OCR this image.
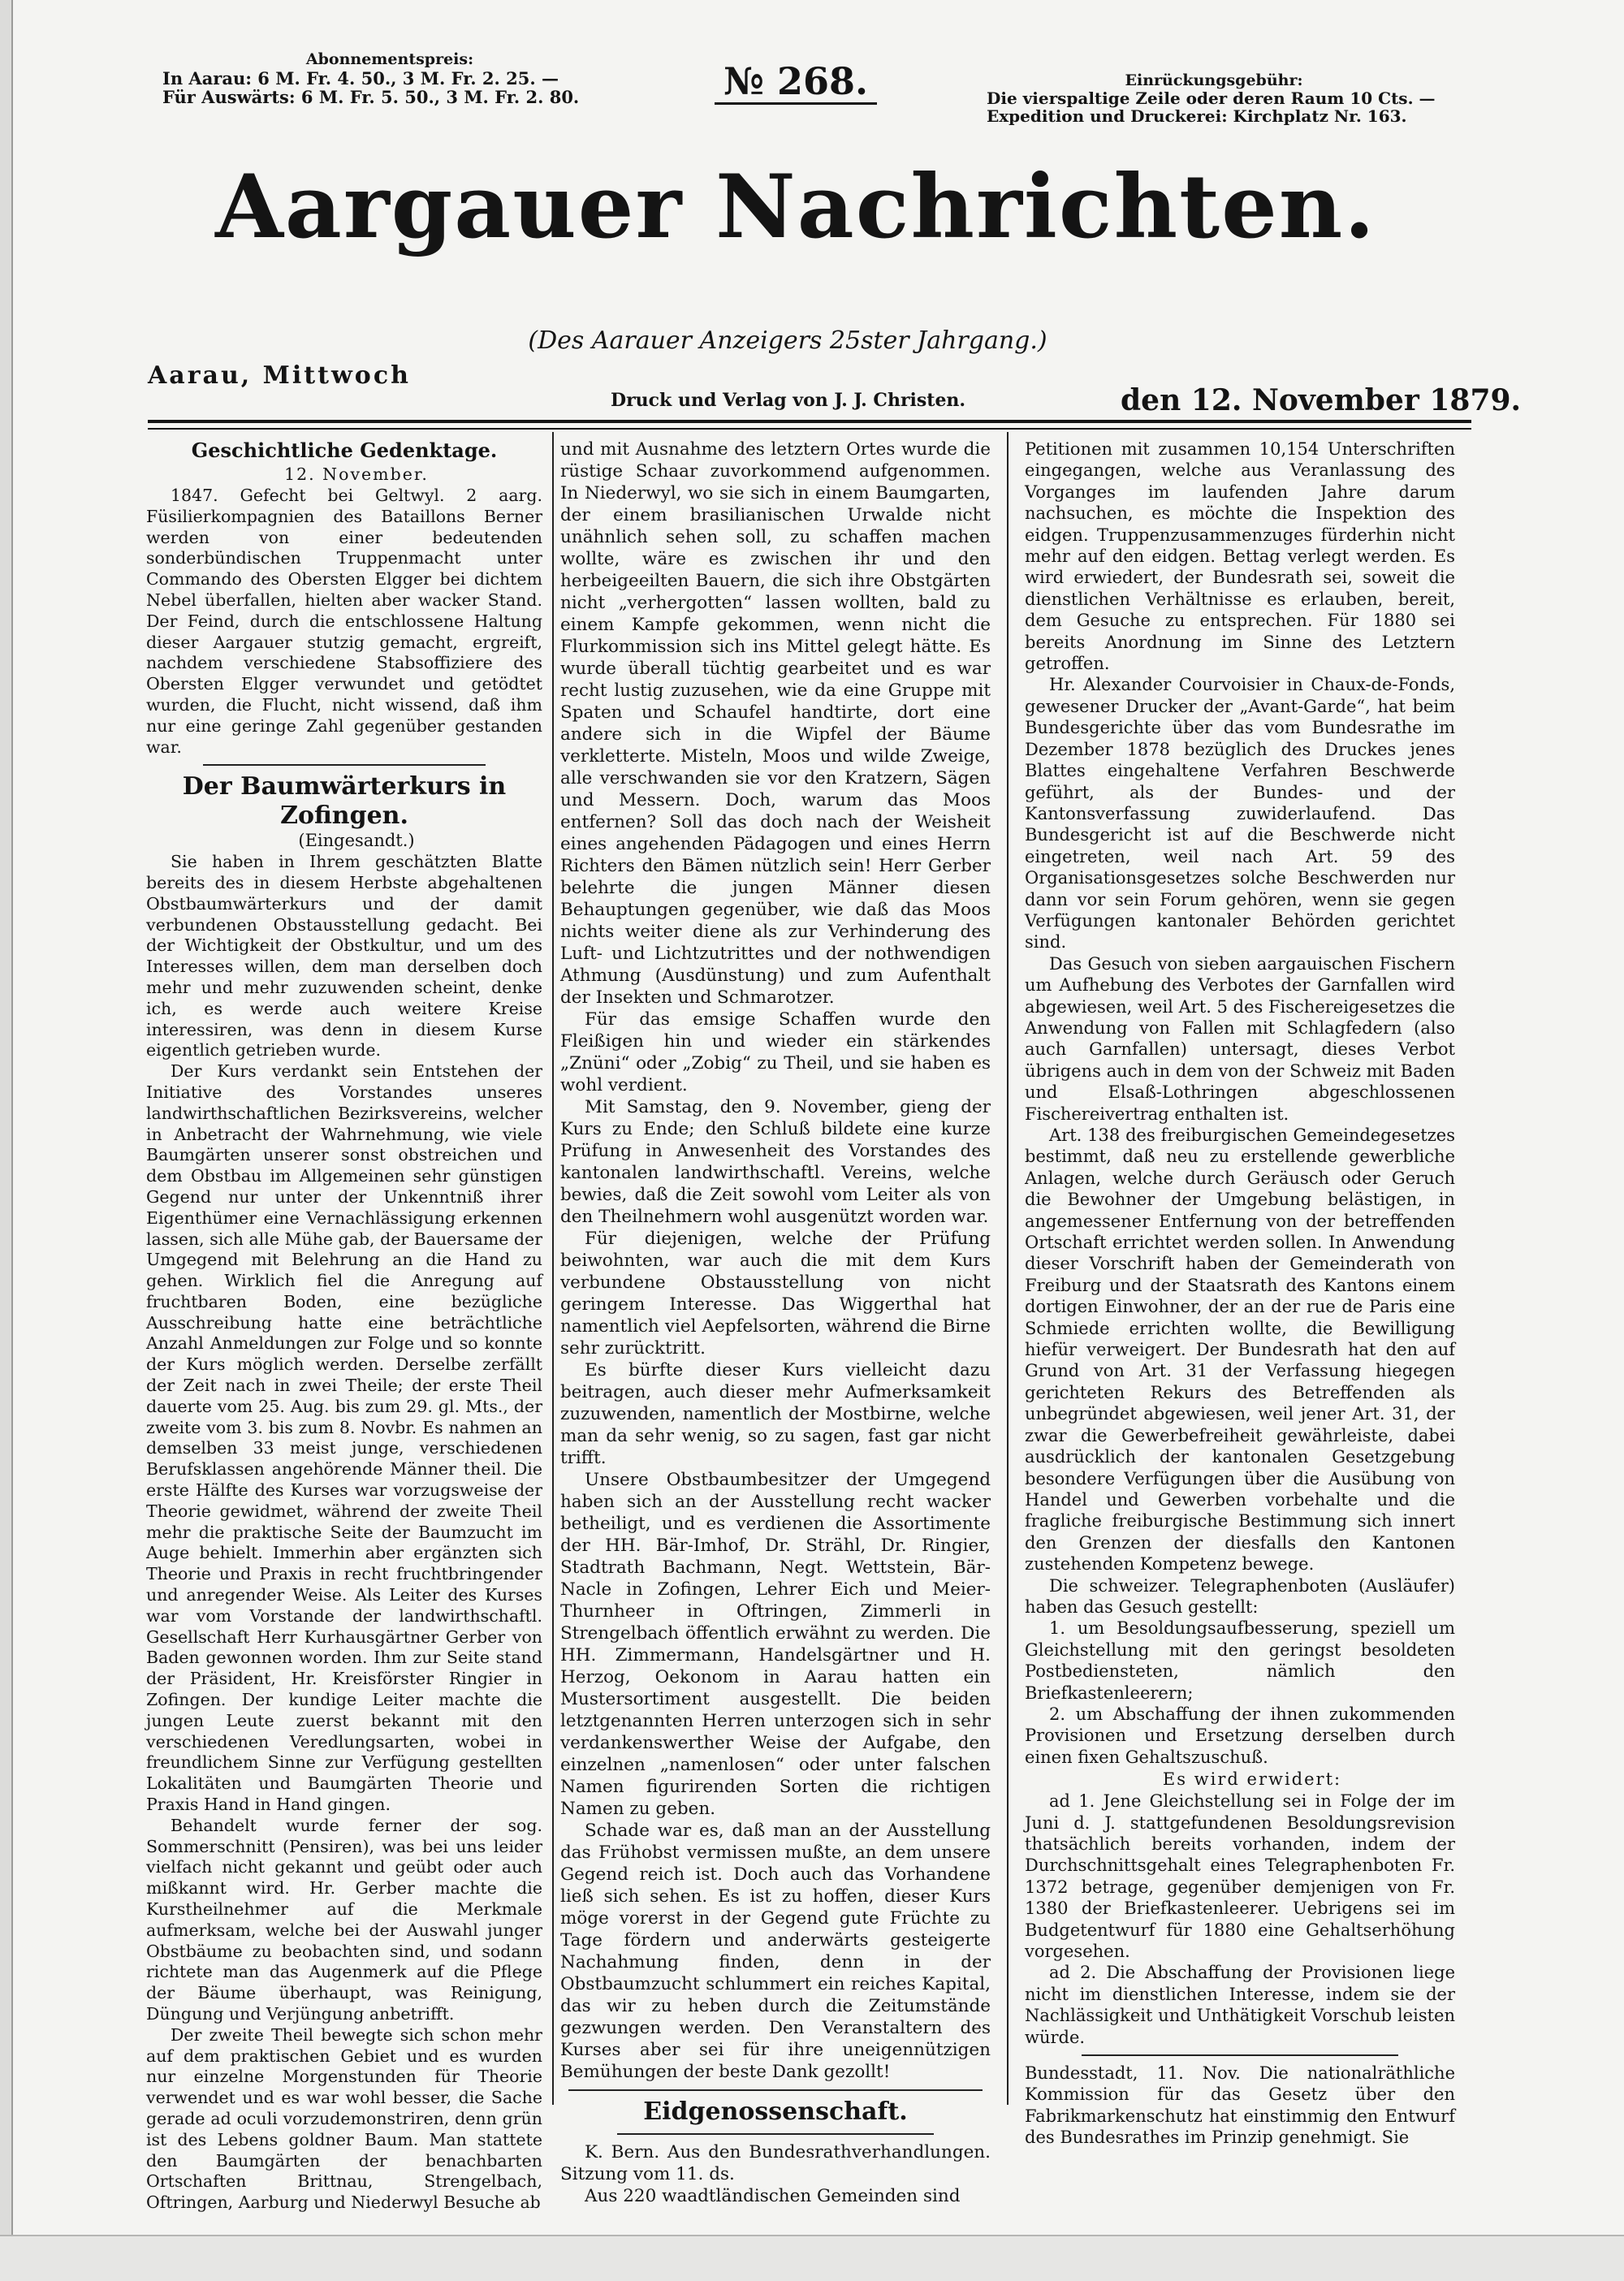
Abonnementspreis:
In Aarau: 6 M. Fr. 4. 50., 3 M. Fr. 2. 25. —
Für Auswärts: 6 M. Fr. 5. 50., 3 M. Fr. 2. 80.	№ 268.	Einrückungsgebühr:
Die vierspaltige Zeile oder deren Raum 10 Cts. —
Expedition und Druckerei: Kirchplatz Nr. 163.
Aargauer Nachrichten.
(Des Aarauer Anzeigers 25ster Jahrgang.)
Aarau, Mittwoch
Druck und Verlag von J. J. Christen.	den 12. November 1879.
Geschichtliche Gedenktage.

12. November.

1847. Gefecht bei Geltwyl. 2 aarg. Füsilierkompagnien des Bataillons Berner werden von einer bedeutenden sonderbündischen Truppenmacht unter Commando des Obersten Elgger bei dichtem Nebel überfallen, hielten aber wacker Stand. Der Feind, durch die entschlossene Haltung dieser Aargauer stutzig gemacht, ergreift, nachdem verschiedene Stabsoffiziere des Obersten Elgger verwundet und getödtet wurden, die Flucht, nicht wissend, daß ihm nur eine geringe Zahl gegenüber gestanden war.

Der Baumwärterkurs in Zofingen.

(Eingesandt.)

Sie haben in Ihrem geschätzten Blatte bereits des in diesem Herbste abgehaltenen Obstbaumwärterkurs und der damit verbundenen Obstausstellung gedacht. Bei der Wichtigkeit der Obstkultur, und um des Interesses willen, dem man derselben doch mehr und mehr zuzuwenden scheint, denke ich, es werde auch weitere Kreise interessiren, was denn in diesem Kurse eigentlich getrieben wurde.

Der Kurs verdankt sein Entstehen der Initiative des Vorstandes unseres landwirthschaftlichen Bezirksvereins, welcher in Anbetracht der Wahrnehmung, wie viele Baumgärten unserer sonst obstreichen und dem Obstbau im Allgemeinen sehr günstigen Gegend nur unter der Unkenntniß ihrer Eigenthümer eine Vernachlässigung erkennen lassen, sich alle Mühe gab, der Bauersame der Umgegend mit Belehrung an die Hand zu gehen. Wirklich fiel die Anregung auf fruchtbaren Boden, eine bezügliche Ausschreibung hatte eine beträchtliche Anzahl Anmeldungen zur Folge und so konnte der Kurs möglich werden. Derselbe zerfällt der Zeit nach in zwei Theile; der erste Theil dauerte vom 25. Aug. bis zum 29. gl. Mts., der zweite vom 3. bis zum 8. Novbr. Es nahmen an demselben 33 meist junge, verschiedenen Berufsklassen angehörende Männer theil. Die erste Hälfte des Kurses war vorzugsweise der Theorie gewidmet, während der zweite Theil mehr die praktische Seite der Baumzucht im Auge behielt. Immerhin aber ergänzten sich Theorie und Praxis in recht fruchtbringender und anregender Weise. Als Leiter des Kurses war vom Vorstande der landwirthschaftl. Gesellschaft Herr Kurhausgärtner Gerber von Baden gewonnen worden. Ihm zur Seite stand der Präsident, Hr. Kreisförster Ringier in Zofingen. Der kundige Leiter machte die jungen Leute zuerst bekannt mit den verschiedenen Veredlungsarten, wobei in freundlichem Sinne zur Verfügung gestellten Lokalitäten und Baumgärten Theorie und Praxis Hand in Hand gingen.

Behandelt wurde ferner der sog. Sommerschnitt (Pensiren), was bei uns leider vielfach nicht gekannt und geübt oder auch mißkannt wird. Hr. Gerber machte die Kurstheilnehmer auf die Merkmale aufmerksam, welche bei der Auswahl junger Obstbäume zu beobachten sind, und sodann richtete man das Augenmerk auf die Pflege der Bäume überhaupt, was Reinigung, Düngung und Verjüngung anbetrifft.

Der zweite Theil bewegte sich schon mehr auf dem praktischen Gebiet und es wurden nur einzelne Morgenstunden für Theorie verwendet und es war wohl besser, die Sache gerade ad oculi vorzudemonstriren, denn grün ist des Lebens goldner Baum. Man stattete den Baumgärten der benachbarten Ortschaften Brittnau, Strengelbach, Oftringen, Aarburg und Niederwyl Besuche ab

und mit Ausnahme des letztern Ortes wurde die rüstige Schaar zuvorkommend aufgenommen. In Niederwyl, wo sie sich in einem Baumgarten, der einem brasilianischen Urwalde nicht unähnlich sehen soll, zu schaffen machen wollte, wäre es zwischen ihr und den herbeigeeilten Bauern, die sich ihre Obstgärten nicht „verhergotten“ lassen wollten, bald zu einem Kampfe gekommen, wenn nicht die Flurkommission sich ins Mittel gelegt hätte. Es wurde überall tüchtig gearbeitet und es war recht lustig zuzusehen, wie da eine Gruppe mit Spaten und Schaufel handtirte, dort eine andere sich in die Wipfel der Bäume verkletterte. Misteln, Moos und wilde Zweige, alle verschwanden sie vor den Kratzern, Sägen und Messern. Doch, warum das Moos entfernen? Soll das doch nach der Weisheit eines angehenden Pädagogen und eines Herrn Richters den Bämen nützlich sein! Herr Gerber belehrte die jungen Männer diesen Behauptungen gegenüber, wie daß das Moos nichts weiter diene als zur Verhinderung des Luft- und Lichtzutrittes und der nothwendigen Athmung (Ausdünstung) und zum Aufenthalt der Insekten und Schmarotzer.

Für das emsige Schaffen wurde den Fleißigen hin und wieder ein stärkendes „Znüni“ oder „Zobig“ zu Theil, und sie haben es wohl verdient.

Mit Samstag, den 9. November, gieng der Kurs zu Ende; den Schluß bildete eine kurze Prüfung in Anwesenheit des Vorstandes des kantonalen landwirthschaftl. Vereins, welche bewies, daß die Zeit sowohl vom Leiter als von den Theilnehmern wohl ausgenützt worden war.

Für diejenigen, welche der Prüfung beiwohnten, war auch die mit dem Kurs verbundene Obstausstellung von nicht geringem Interesse. Das Wiggerthal hat namentlich viel Aepfelsorten, während die Birne sehr zurücktritt.

Es bürfte dieser Kurs vielleicht dazu beitragen, auch dieser mehr Aufmerksamkeit zuzuwenden, namentlich der Mostbirne, welche man da sehr wenig, so zu sagen, fast gar nicht trifft.

Unsere Obstbaumbesitzer der Umgegend haben sich an der Ausstellung recht wacker betheiligt, und es verdienen die Assortimente der HH. Bär-Imhof, Dr. Strähl, Dr. Ringier, Stadtrath Bachmann, Negt. Wettstein, Bär-Nacle in Zofingen, Lehrer Eich und Meier-Thurnheer in Oftringen, Zimmerli in Strengelbach öffentlich erwähnt zu werden. Die HH. Zimmermann, Handelsgärtner und H. Herzog, Oekonom in Aarau hatten ein Mustersortiment ausgestellt. Die beiden letztgenannten Herren unterzogen sich in sehr verdankenswerther Weise der Aufgabe, den einzelnen „namenlosen“ oder unter falschen Namen figurirenden Sorten die richtigen Namen zu geben.

Schade war es, daß man an der Ausstellung das Frühobst vermissen mußte, an dem unsere Gegend reich ist. Doch auch das Vorhandene ließ sich sehen. Es ist zu hoffen, dieser Kurs möge vorerst in der Gegend gute Früchte zu Tage fördern und anderwärts gesteigerte Nachahmung finden, denn in der Obstbaumzucht schlummert ein reiches Kapital, das wir zu heben durch die Zeitumstände gezwungen werden. Den Veranstaltern des Kurses aber sei für ihre uneigennützigen Bemühungen der beste Dank gezollt!

Eidgenossenschaft.

K. Bern. Aus den Bundesrathverhandlungen. Sitzung vom 11. ds.

Aus 220 waadtländischen Gemeinden sind

Petitionen mit zusammen 10,154 Unterschriften eingegangen, welche aus Veranlassung des Vorganges im laufenden Jahre darum nachsuchen, es möchte die Inspektion des eidgen. Truppenzusammenzuges fürderhin nicht mehr auf den eidgen. Bettag verlegt werden. Es wird erwiedert, der Bundesrath sei, soweit die dienstlichen Verhältnisse es erlauben, bereit, dem Gesuche zu entsprechen. Für 1880 sei bereits Anordnung im Sinne des Letztern getroffen.

Hr. Alexander Courvoisier in Chaux-de-Fonds, gewesener Drucker der „Avant-Garde“, hat beim Bundesgerichte über das vom Bundesrathe im Dezember 1878 bezüglich des Druckes jenes Blattes eingehaltene Verfahren Beschwerde geführt, als der Bundes- und der Kantonsverfassung zuwiderlaufend. Das Bundesgericht ist auf die Beschwerde nicht eingetreten, weil nach Art. 59 des Organisationsgesetzes solche Beschwerden nur dann vor sein Forum gehören, wenn sie gegen Verfügungen kantonaler Behörden gerichtet sind.

Das Gesuch von sieben aargauischen Fischern um Aufhebung des Verbotes der Garnfallen wird abgewiesen, weil Art. 5 des Fischereigesetzes die Anwendung von Fallen mit Schlagfedern (also auch Garnfallen) untersagt, dieses Verbot übrigens auch in dem von der Schweiz mit Baden und Elsaß-Lothringen abgeschlossenen Fischereivertrag enthalten ist.

Art. 138 des freiburgischen Gemeindegesetzes bestimmt, daß neu zu erstellende gewerbliche Anlagen, welche durch Geräusch oder Geruch die Bewohner der Umgebung belästigen, in angemessener Entfernung von der betreffenden Ortschaft errichtet werden sollen. In Anwendung dieser Vorschrift haben der Gemeinderath von Freiburg und der Staatsrath des Kantons einem dortigen Einwohner, der an der rue de Paris eine Schmiede errichten wollte, die Bewilligung hiefür verweigert. Der Bundesrath hat den auf Grund von Art. 31 der Verfassung hiegegen gerichteten Rekurs des Betreffenden als unbegründet abgewiesen, weil jener Art. 31, der zwar die Gewerbefreiheit gewährleiste, dabei ausdrücklich der kantonalen Gesetzgebung besondere Verfügungen über die Ausübung von Handel und Gewerben vorbehalte und die fragliche freiburgische Bestimmung sich innert den Grenzen der diesfalls den Kantonen zustehenden Kompetenz bewege.

Die schweizer. Telegraphenboten (Ausläufer) haben das Gesuch gestellt:

1. um Besoldungsaufbesserung, speziell um Gleichstellung mit den geringst besoldeten Postbediensteten, nämlich den Briefkastenleerern;

2. um Abschaffung der ihnen zukommenden Provisionen und Ersetzung derselben durch einen fixen Gehaltszuschuß.

Es wird erwidert:

ad 1. Jene Gleichstellung sei in Folge der im Juni d. J. stattgefundenen Besoldungsrevision thatsächlich bereits vorhanden, indem der Durchschnittsgehalt eines Telegraphenboten Fr. 1372 betrage, gegenüber demjenigen von Fr. 1380 der Briefkastenleerer. Uebrigens sei im Budgetentwurf für 1880 eine Gehaltserhöhung vorgesehen.

ad 2. Die Abschaffung der Provisionen liege nicht im dienstlichen Interesse, indem sie der Nachlässigkeit und Unthätigkeit Vorschub leisten würde.

Bundesstadt, 11. Nov. Die nationalräthliche Kommission für das Gesetz über den Fabrikmarkenschutz hat einstimmig den Entwurf des Bundesrathes im Prinzip genehmigt. Sie
